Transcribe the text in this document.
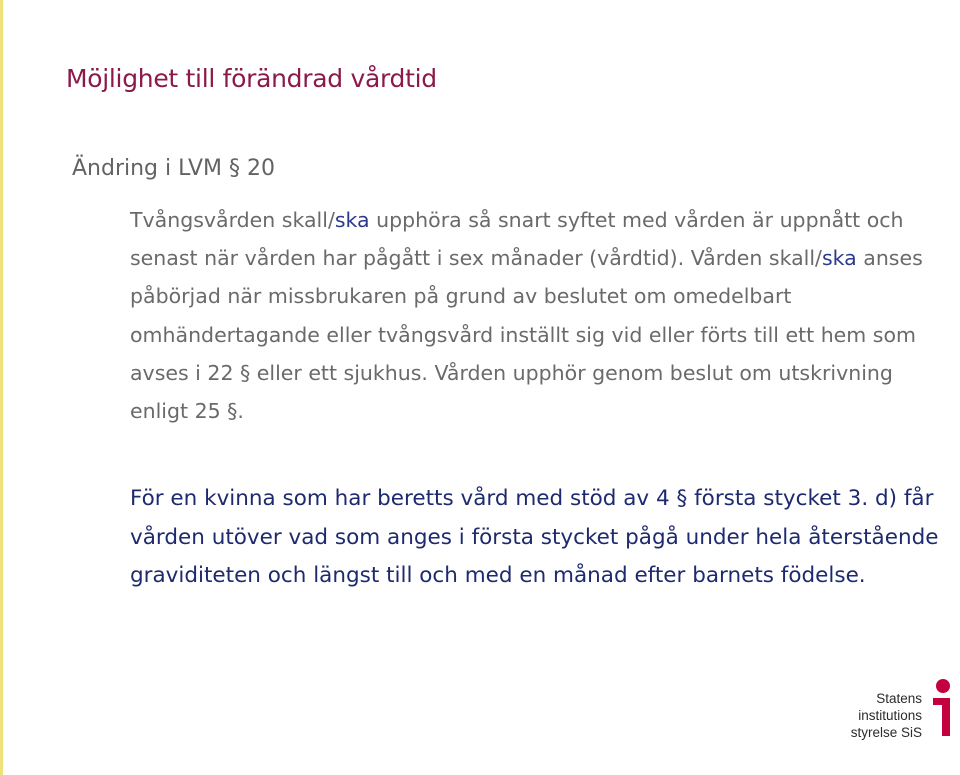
Möjlighet till förändrad vårdtid
Ändring i LVM § 20

Tvångsvården skall/ska upphöra så snart syftet med vården är uppnått och senast när vården har pågått i sex månader (vårdtid). Vården skall/ska anses påbörjad när missbrukaren på grund av beslutet om omedelbart omhändertagande eller tvångsvård inställt sig vid eller förts till ett hem som avses i 22 § eller ett sjukhus. Vården upphör genom beslut om utskrivning enligt 25 §.

För en kvinna som har beretts vård med stöd av 4 § första stycket 3. d) får vården utöver vad som anges i första stycket pågå under hela återstående graviditeten och längst till och med en månad efter barnets födelse.

Statens
institutions
styrelse SiS
